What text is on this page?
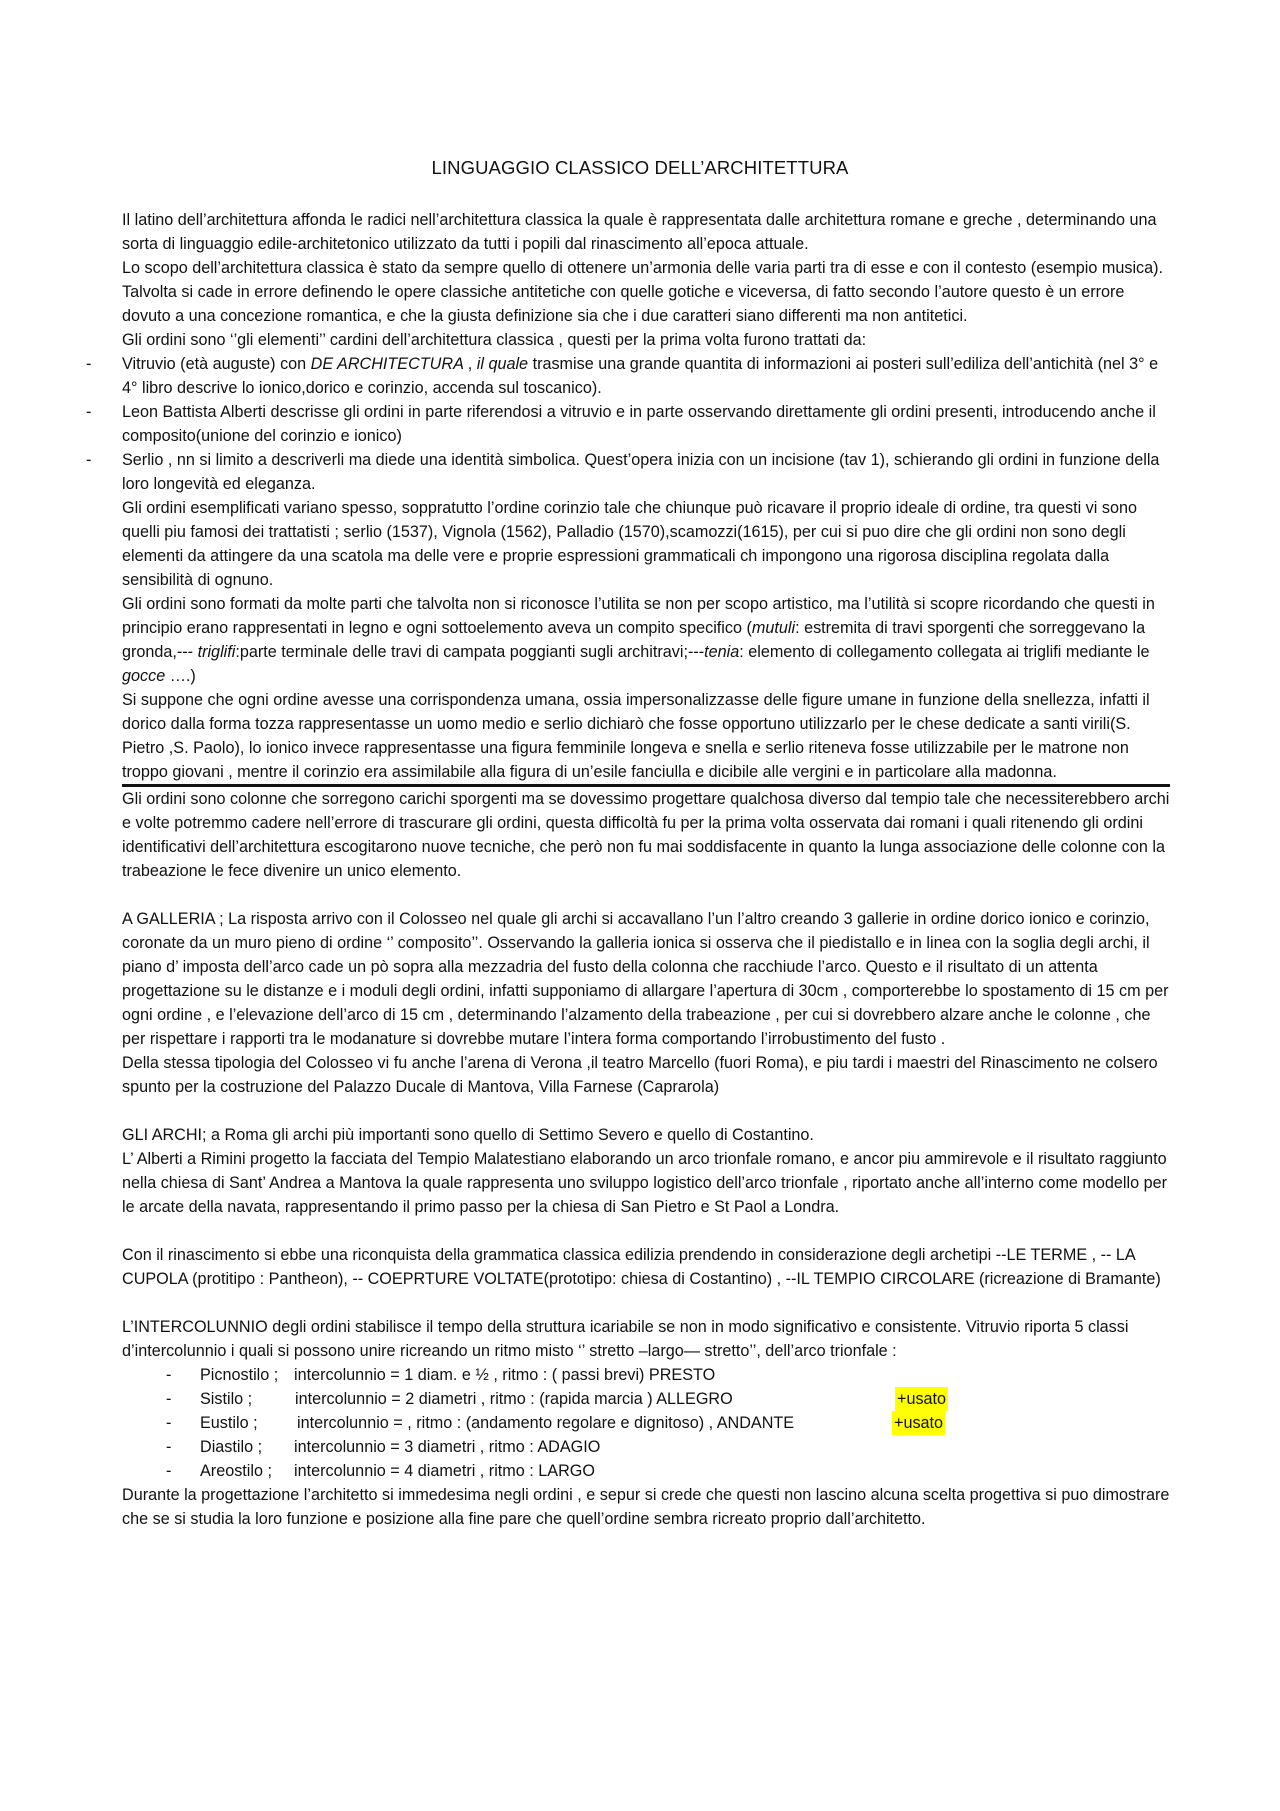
LINGUAGGIO CLASSICO DELL’ARCHITETTURA

Il latino dell’architettura affonda le radici nell’architettura classica la quale è rappresentata dalle architettura romane e greche , determinando una sorta di linguaggio edile-architetonico utilizzato da tutti i popili dal rinascimento all’epoca attuale.

Lo scopo dell’architettura classica è stato da sempre quello di ottenere un’armonia delle varia parti tra di esse e con il contesto (esempio musica). Talvolta si cade in errore definendo le opere classiche antitetiche con quelle gotiche e viceversa, di fatto secondo l’autore questo è un errore dovuto a una concezione romantica, e che la giusta definizione sia che i due caratteri siano differenti ma non antitetici.

Gli ordini sono ‘’gli elementi’’ cardini dell’architettura classica , questi per la prima volta furono trattati da:

- Vitruvio (età auguste) con DE ARCHITECTURA , il quale trasmise una grande quantita di informazioni ai posteri sull’ediliza dell’antichità (nel 3° e 4° libro descrive lo ionico,dorico e corinzio, accenda sul toscanico).

- Leon Battista Alberti descrisse gli ordini in parte riferendosi a vitruvio e in parte osservando direttamente gli ordini presenti, introducendo anche il composito(unione del corinzio e ionico)

- Serlio , nn si limito a descriverli ma diede una identità simbolica. Quest’opera inizia con un incisione (tav 1), schierando gli ordini in funzione della loro longevità ed eleganza.

Gli ordini esemplificati variano spesso, soppratutto l’ordine corinzio tale che chiunque può ricavare il proprio ideale di ordine, tra questi vi sono quelli piu famosi dei trattatisti ; serlio (1537), Vignola (1562), Palladio (1570),scamozzi(1615), per cui si puo dire che gli ordini non sono degli elementi da attingere da una scatola ma delle vere e proprie espressioni grammaticali ch impongono una rigorosa disciplina regolata dalla sensibilità di ognuno.

Gli ordini sono formati da molte parti che talvolta non si riconosce l’utilita se non per scopo artistico, ma l’utilità si scopre ricordando che questi in principio erano rappresentati in legno e ogni sottoelemento aveva un compito specifico (mutuli: estremita di travi sporgenti che sorreggevano la gronda,--- triglifi:parte terminale delle travi di campata poggianti sugli architravi;---tenia: elemento di collegamento collegata ai triglifi mediante le gocce ….)

Si suppone che ogni ordine avesse una corrispondenza umana, ossia impersonalizzasse delle figure umane in funzione della snellezza, infatti il dorico dalla forma tozza rappresentasse un uomo medio e serlio dichiarò che fosse opportuno utilizzarlo per le chese dedicate a santi virili(S. Pietro ,S. Paolo), lo ionico invece rappresentasse una figura femminile longeva e snella e serlio riteneva fosse utilizzabile per le matrone non troppo giovani , mentre il corinzio era assimilabile alla figura di un’esile fanciulla e dicibile alle vergini e in particolare alla madonna.

Gli ordini sono colonne che sorregono carichi sporgenti ma se dovessimo progettare qualchosa diverso dal tempio tale che necessiterebbero archi e volte potremmo cadere nell’errore di trascurare gli ordini, questa difficoltà fu per la prima volta osservata dai romani i quali ritenendo gli ordini identificativi dell’architettura escogitarono nuove tecniche, che però non fu mai soddisfacente in quanto la lunga associazione delle colonne con la trabeazione le fece divenire un unico elemento.

A GALLERIA ; La risposta arrivo con il Colosseo nel quale gli archi si accavallano l’un l’altro creando 3 gallerie in ordine dorico ionico e corinzio, coronate da un muro pieno di ordine ‘’ composito’’. Osservando la galleria ionica si osserva che il piedistallo e in linea con la soglia degli archi, il piano d’ imposta dell’arco cade un pò sopra alla mezzadria del fusto della colonna che racchiude l’arco. Questo e il risultato di un attenta progettazione su le distanze e i moduli degli ordini, infatti supponiamo di allargare l’apertura di 30cm , comporterebbe lo spostamento di 15 cm per ogni ordine , e l’elevazione dell’arco di 15 cm , determinando l’alzamento della trabeazione , per cui si dovrebbero alzare anche le colonne , che per rispettare i rapporti tra le modanature si dovrebbe mutare l’intera forma comportando l’irrobustimento del fusto .

Della stessa tipologia del Colosseo vi fu anche l’arena di Verona ,il teatro Marcello (fuori Roma), e piu tardi i maestri del Rinascimento ne colsero spunto per la costruzione del Palazzo Ducale di Mantova, Villa Farnese (Caprarola)

GLI ARCHI; a Roma gli archi più importanti sono quello di Settimo Severo e quello di Costantino.

L’ Alberti a Rimini progetto la facciata del Tempio Malatestiano elaborando un arco trionfale romano, e ancor piu ammirevole e il risultato raggiunto nella chiesa di Sant’ Andrea a Mantova la quale rappresenta uno sviluppo logistico dell’arco trionfale , riportato anche all’interno come modello per le arcate della navata, rappresentando il primo passo per la chiesa di San Pietro e St Paol a Londra.

Con il rinascimento si ebbe una riconquista della grammatica classica edilizia prendendo in considerazione degli archetipi --LE TERME , -- LA CUPOLA (protitipo : Pantheon), -- COEPRTURE VOLTATE(prototipo: chiesa di Costantino) , --IL TEMPIO CIRCOLARE (ricreazione di Bramante)

L’INTERCOLUNNIO degli ordini stabilisce il tempo della struttura icariabile se non in modo significativo e consistente. Vitruvio riporta 5 classi d’intercolunnio i quali si possono unire ricreando un ritmo misto ‘’ stretto –largo— stretto’’, dell’arco trionfale :

- Picnostilo ; intercolunnio = 1 diam. e ½ , ritmo : ( passi brevi) PRESTO
- Sistilo ;	intercolunnio = 2 diametri , ritmo : (rapida marcia ) ALLEGRO	+usato
- Eustilo ; intercolunnio = , ritmo : (andamento regolare e dignitoso) , ANDANTE	+usato
- Diastilo ; intercolunnio = 3 diametri , ritmo : ADAGIO
- Areostilo ; intercolunnio = 4 diametri , ritmo : LARGO

Durante la progettazione l’architetto si immedesima negli ordini , e sepur si crede che questi non lascino alcuna scelta progettiva si puo dimostrare che se si studia la loro funzione e posizione alla fine pare che quell’ordine sembra ricreato proprio dall’architetto.
